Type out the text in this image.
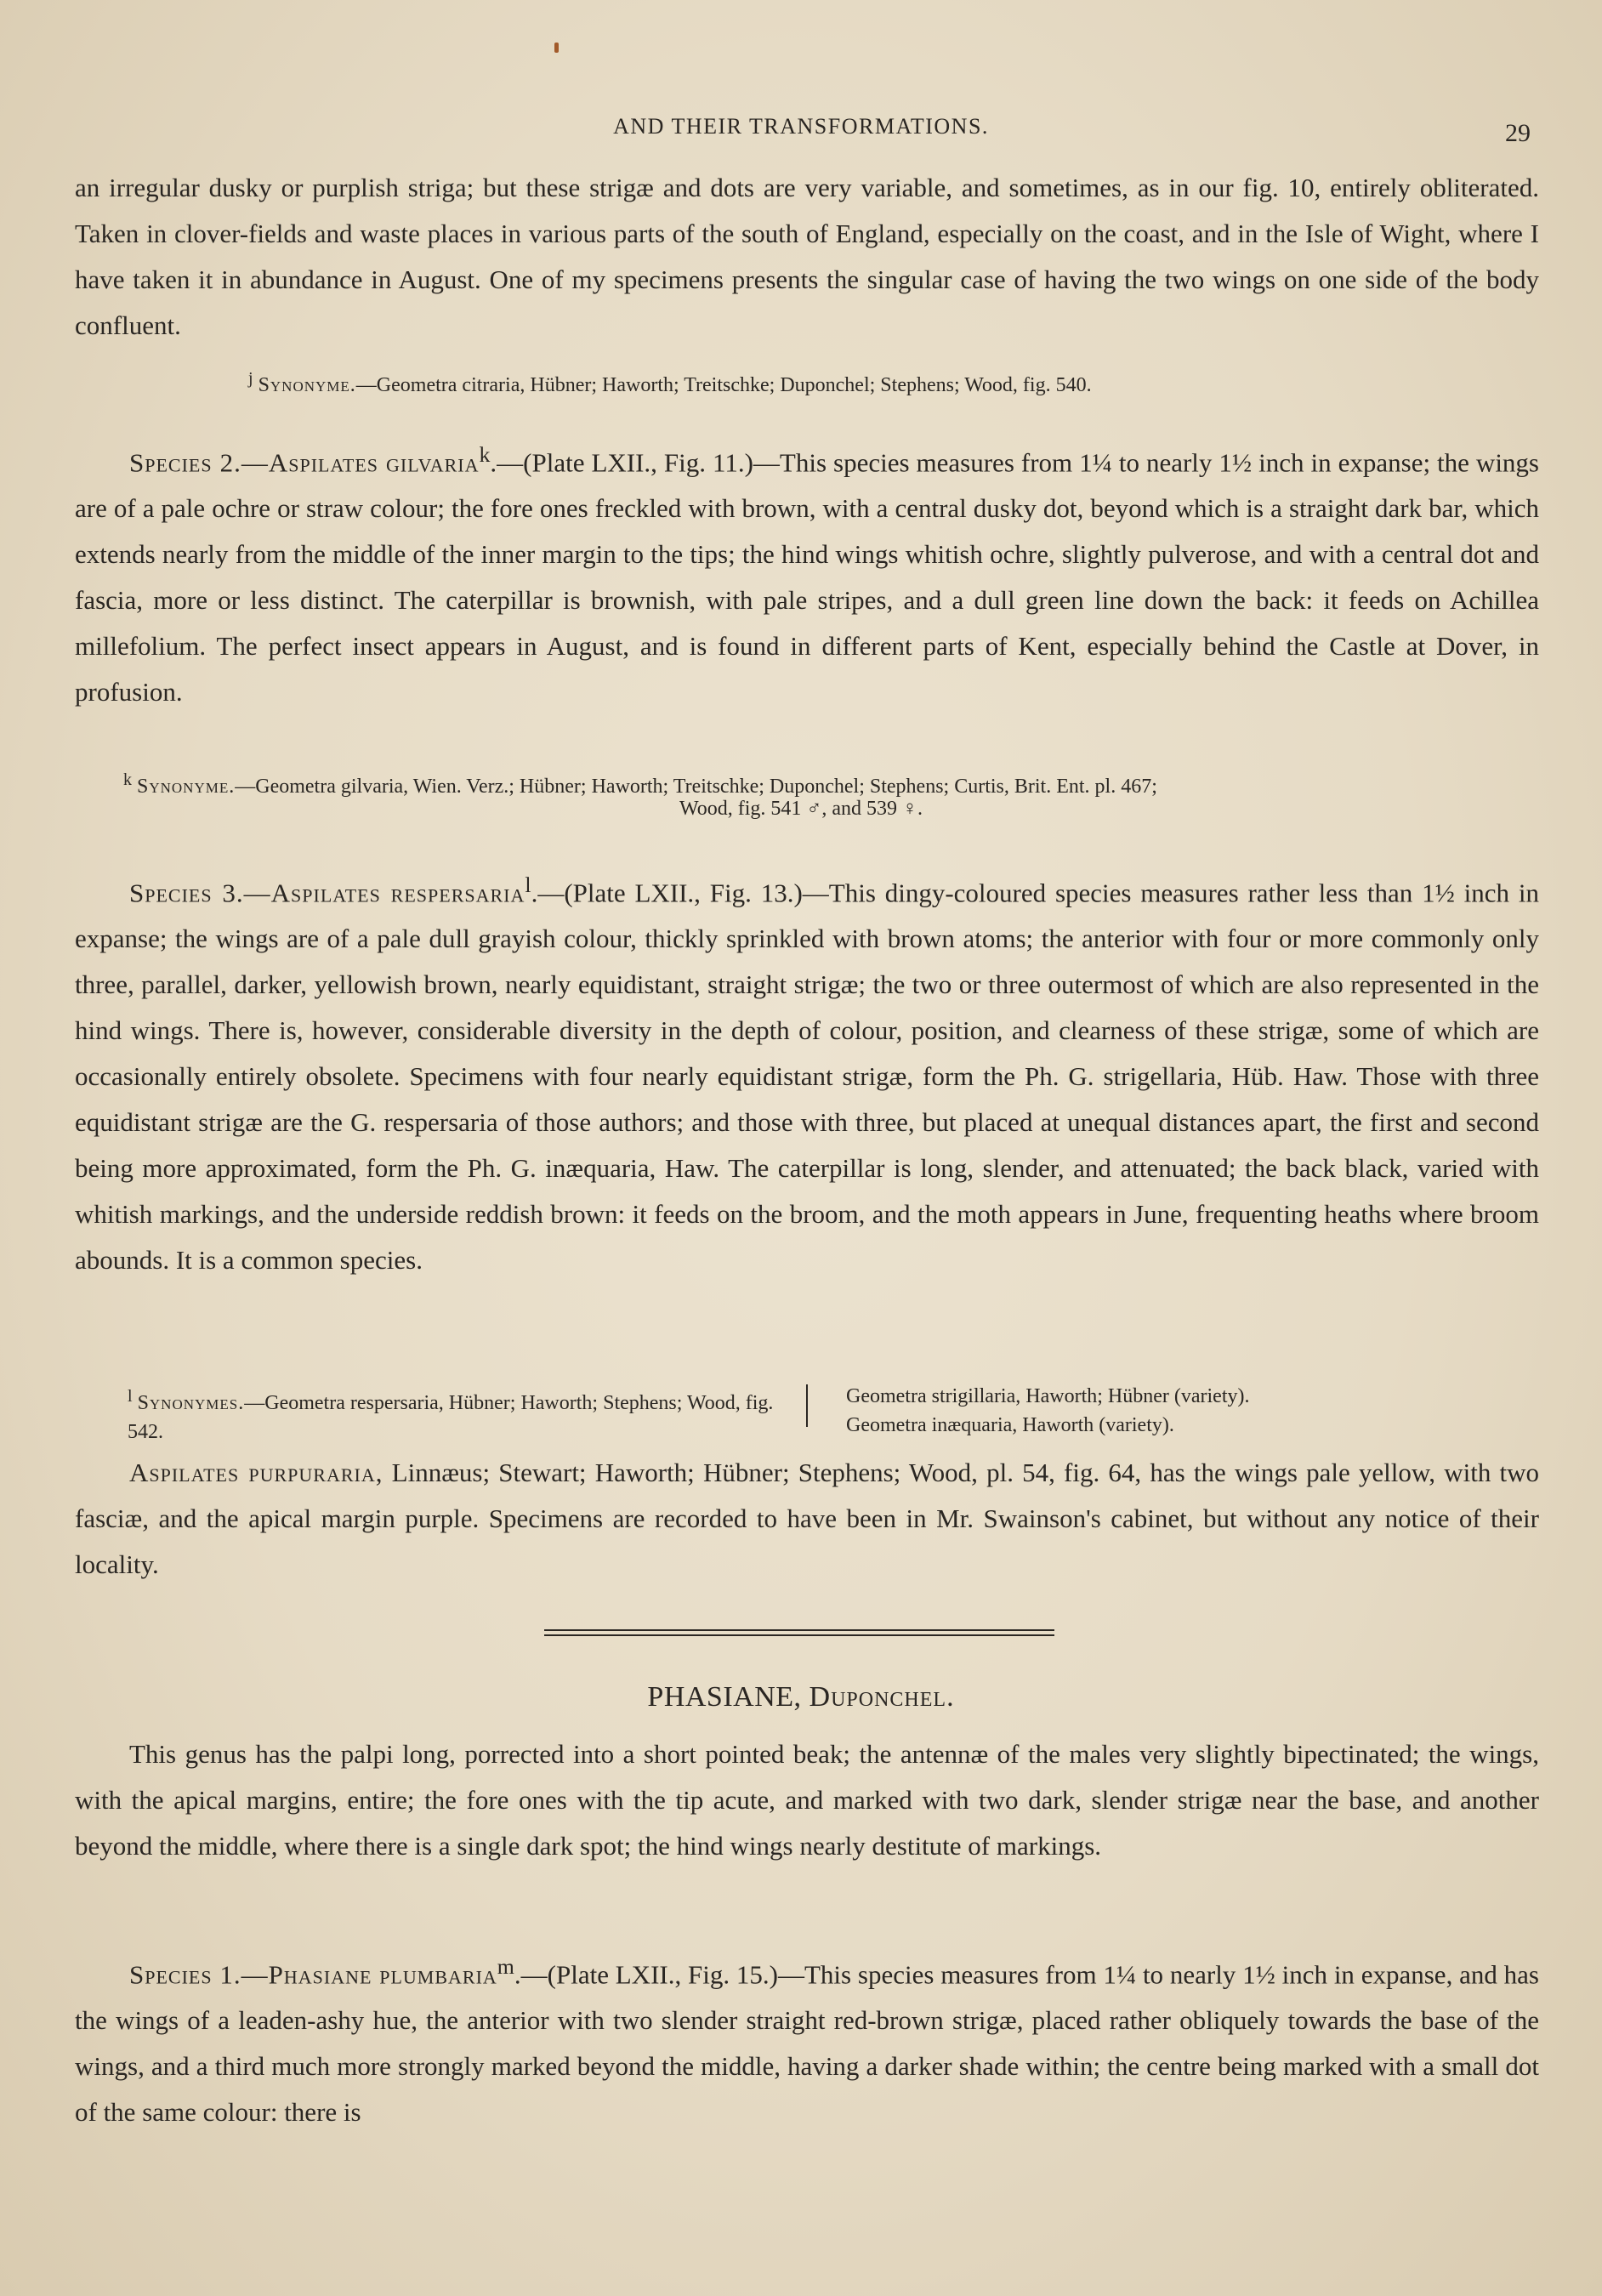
AND THEIR TRANSFORMATIONS.	29

an irregular dusky or purplish striga; but these strigæ and dots are very variable, and sometimes, as in our fig. 10, entirely obliterated. Taken in clover-fields and waste places in various parts of the south of England, especially on the coast, and in the Isle of Wight, where I have taken it in abundance in August. One of my specimens presents the singular case of having the two wings on one side of the body confluent.

$^j$ Synonyme.—Geometra citraria, Hübner; Haworth; Treitschke; Duponchel; Stephens; Wood, fig. 540.

Species 2.—Aspilates gilvaria$^k$.—(Plate LXII., Fig. 11.)—This species measures from 1¼ to nearly 1½ inch in expanse; the wings are of a pale ochre or straw colour; the fore ones freckled with brown, with a central dusky dot, beyond which is a straight dark bar, which extends nearly from the middle of the inner margin to the tips; the hind wings whitish ochre, slightly pulverose, and with a central dot and fascia, more or less distinct. The caterpillar is brownish, with pale stripes, and a dull green line down the back: it feeds on Achillea millefolium. The perfect insect appears in August, and is found in different parts of Kent, especially behind the Castle at Dover, in profusion.

$^k$ Synonyme.—Geometra gilvaria, Wien. Verz.; Hübner; Haworth; Treitschke; Duponchel; Stephens; Curtis, Brit. Ent. pl. 467;
Wood, fig. 541 ♂, and 539 ♀.

Species 3.—Aspilates respersaria$^l$.—(Plate LXII., Fig. 13.)—This dingy-coloured species measures rather less than 1½ inch in expanse; the wings are of a pale dull grayish colour, thickly sprinkled with brown atoms; the anterior with four or more commonly only three, parallel, darker, yellowish brown, nearly equidistant, straight strigæ; the two or three outermost of which are also represented in the hind wings. There is, however, considerable diversity in the depth of colour, position, and clearness of these strigæ, some of which are occasionally entirely obsolete. Specimens with four nearly equidistant strigæ, form the Ph. G. strigellaria, Hüb. Haw. Those with three equidistant strigæ are the G. respersaria of those authors; and those with three, but placed at unequal distances apart, the first and second being more approximated, form the Ph. G. inæquaria, Haw. The caterpillar is long, slender, and attenuated; the back black, varied with whitish markings, and the underside reddish brown: it feeds on the broom, and the moth appears in June, frequenting heaths where broom abounds. It is a common species.

$^l$ Synonymes.—Geometra respersaria, Hübner; Haworth; Stephens; Wood, fig. 542.
Geometra strigillaria, Haworth; Hübner (variety).
Geometra inæquaria, Haworth (variety).

Aspilates purpuraria, Linnæus; Stewart; Haworth; Hübner; Stephens; Wood, pl. 54, fig. 64, has the wings pale yellow, with two fasciæ, and the apical margin purple. Specimens are recorded to have been in Mr. Swainson's cabinet, but without any notice of their locality.

PHASIANE, Duponchel.

This genus has the palpi long, porrected into a short pointed beak; the antennæ of the males very slightly bipectinated; the wings, with the apical margins, entire; the fore ones with the tip acute, and marked with two dark, slender strigæ near the base, and another beyond the middle, where there is a single dark spot; the hind wings nearly destitute of markings.

Species 1.—Phasiane plumbaria$^m$.—(Plate LXII., Fig. 15.)—This species measures from 1¼ to nearly 1½ inch in expanse, and has the wings of a leaden-ashy hue, the anterior with two slender straight red-brown strigæ, placed rather obliquely towards the base of the wings, and a third much more strongly marked beyond the middle, having a darker shade within; the centre being marked with a small dot of the same colour: there is
